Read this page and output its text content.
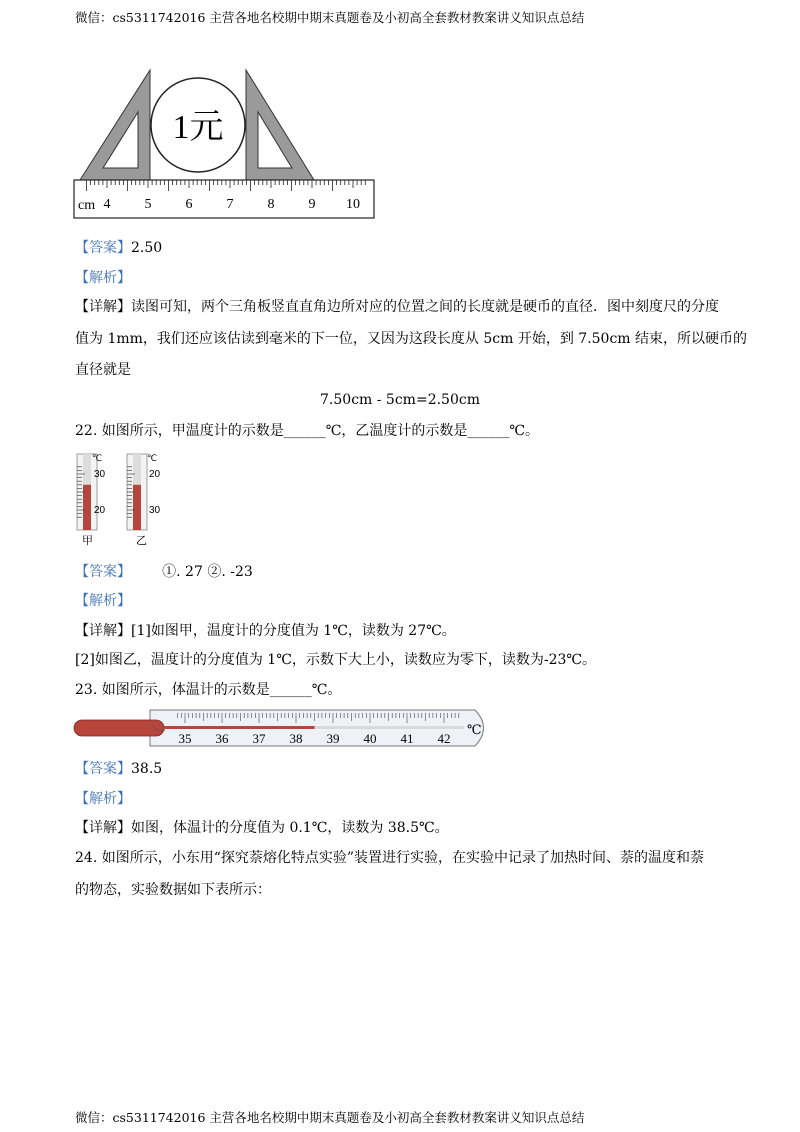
微信：cs5311742016 主营各地名校期中期末真题卷及小初高全套教材教案讲义知识点总结
1元
cm 4 5 6 7 8 9 10
【答案】2.50
【解析】
【详解】读图可知，两个三角板竖直直角边所对应的位置之间的长度就是硬币的直径．图中刻度尺的分度
值为 1mm，我们还应该估读到毫米的下一位，又因为这段长度从 5cm 开始，到 7.50cm 结束，所以硬币的
直径就是
7.50cm - 5cm=2.50cm
22. 如图所示，甲温度计的示数是______℃，乙温度计的示数是______℃。
℃
30
20
甲
℃
20
30
乙
【答案】 ①. 27 ②. -23
【解析】
【详解】[1]如图甲，温度计的分度值为 1℃，读数为 27℃。
[2]如图乙，温度计的分度值为 1℃，示数下大上小，读数应为零下，读数为-23℃。
23. 如图所示，体温计的示数是______℃。
35 36 37 38 39 40 41 42
℃
【答案】38.5
【解析】
【详解】如图，体温计的分度值为 0.1℃，读数为 38.5℃。
24. 如图所示，小东用“探究萘熔化特点实验”装置进行实验，在实验中记录了加热时间、萘的温度和萘
的物态，实验数据如下表所示：
微信：cs5311742016 主营各地名校期中期末真题卷及小初高全套教材教案讲义知识点总结
